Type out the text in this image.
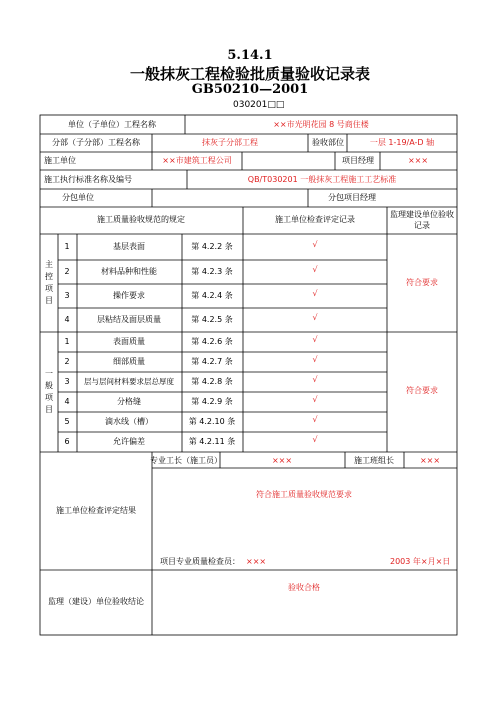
5.14.1
一般抹灰工程检验批质量验收记录表
GB50210—2001
030201□□
单位（子单位）工程名称	××市光明花园 8 号商住楼
分部（子分部）工程名称	抹灰子分部工程	验收部位	一层 1-19/A-D 轴
施工单位	××市建筑工程公司	项目经理	×××
施工执行标准名称及编号	QB/T030201 一般抹灰工程施工工艺标准
分包单位	分包项目经理
施工质量验收规范的规定	施工单位检查评定记录
监理建设单位验收记录
主
控
项
目
一
般
项
目
1	基层表面	第 4.2.2 条	√
2	材料品种和性能	第 4.2.3 条	√
3	操作要求	第 4.2.4 条	√
4	层粘结及面层质量	第 4.2.5 条	√
符合要求
1	表面质量	第 4.2.6 条	√
2	细部质量	第 4.2.7 条	√
3 层与层间材料要求层总厚度 第 4.2.8 条	√
4	分格缝	第 4.2.9 条	√
5	滴水线（槽）	第 4.2.10 条	√
6	允许偏差	第 4.2.11 条	√
符合要求
专业工长（施工员）	×××	施工班组长	×××
施工单位检查评定结果
符合施工质量验收规范要求
项目专业质量检查员： ×××	2003 年×月×日
监理（建设）单位验收结论
验收合格
